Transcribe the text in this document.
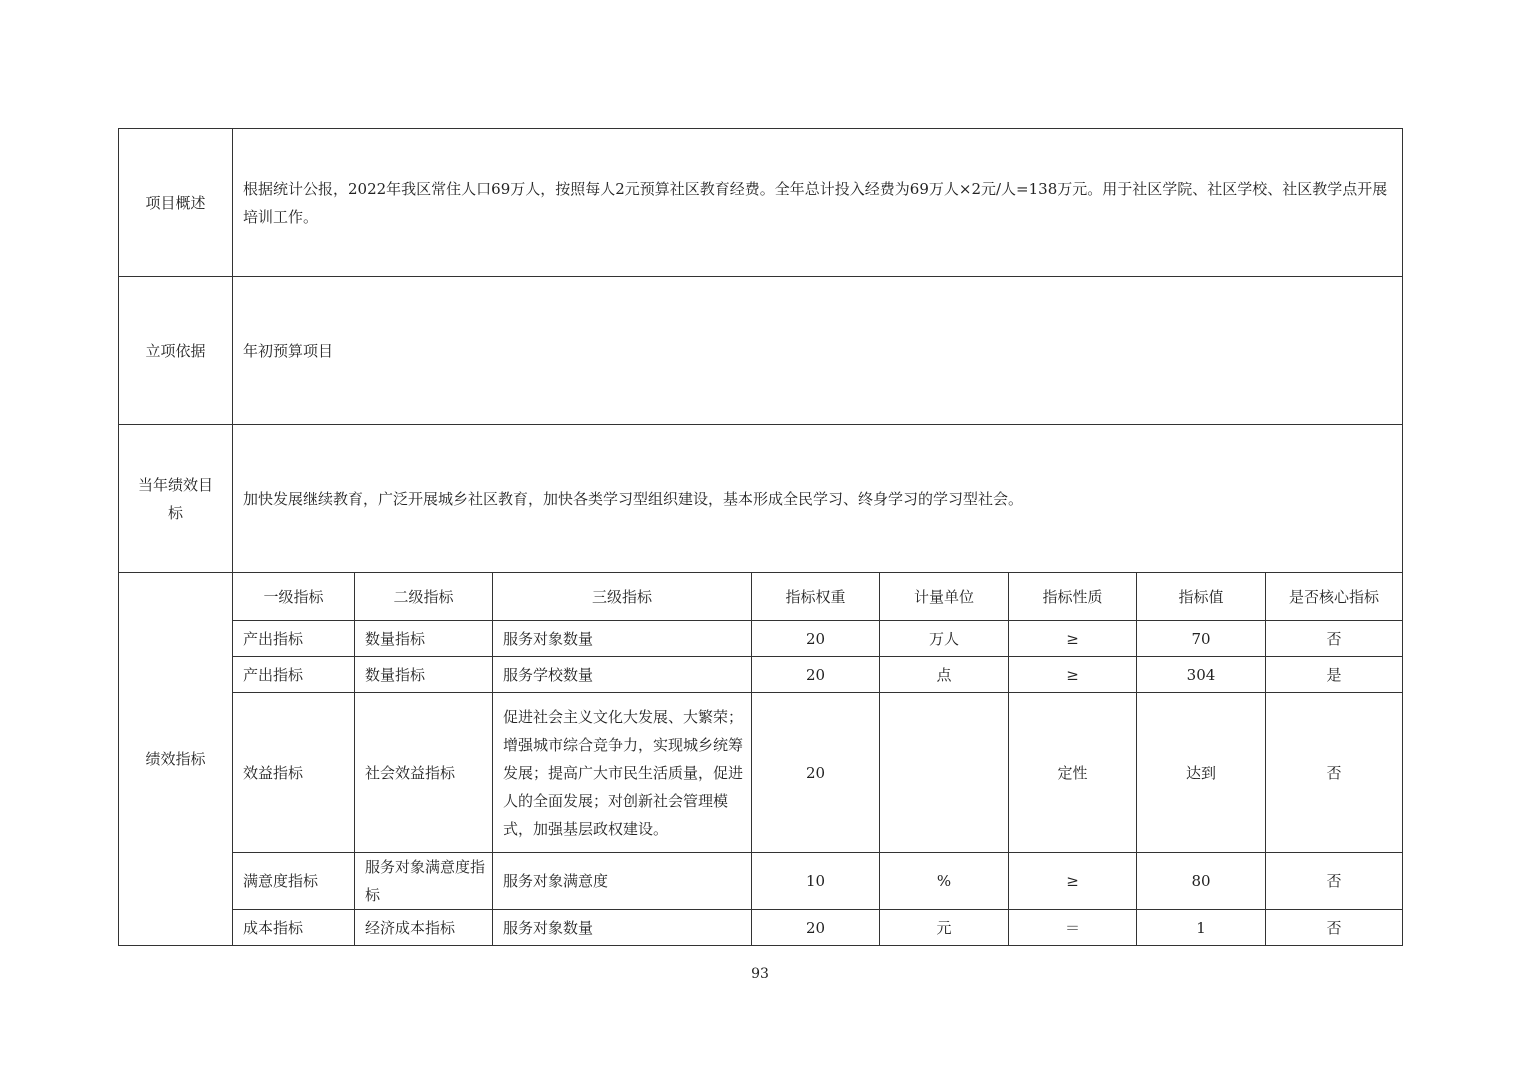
项目概述	根据统计公报，2022年我区常住人口69万人，按照每人2元预算社区教育经费。全年总计投入经费为69万人×2元/人=138万元。用于社区学院、社区学校、社区教学点开展培训工作。							
立项依据	年初预算项目							
当年绩效目标	加快发展继续教育，广泛开展城乡社区教育，加快各类学习型组织建设，基本形成全民学习、终身学习的学习型社会。							
绩效指标	一级指标	二级指标	三级指标	指标权重	计量单位	指标性质	指标值	是否核心指标
	产出指标	数量指标	服务对象数量	20	万人	≥	70	否
	产出指标	数量指标	服务学校数量	20	点	≥	304	是
	效益指标	社会效益指标	促进社会主义文化大发展、大繁荣；增强城市综合竞争力，实现城乡统筹发展；提高广大市民生活质量，促进人的全面发展；对创新社会管理模式，加强基层政权建设。	20		定性	达到	否
	满意度指标	服务对象满意度指标	服务对象满意度	10	%	≥	80	否
	成本指标	经济成本指标	服务对象数量	20	元	＝	1	否
93
